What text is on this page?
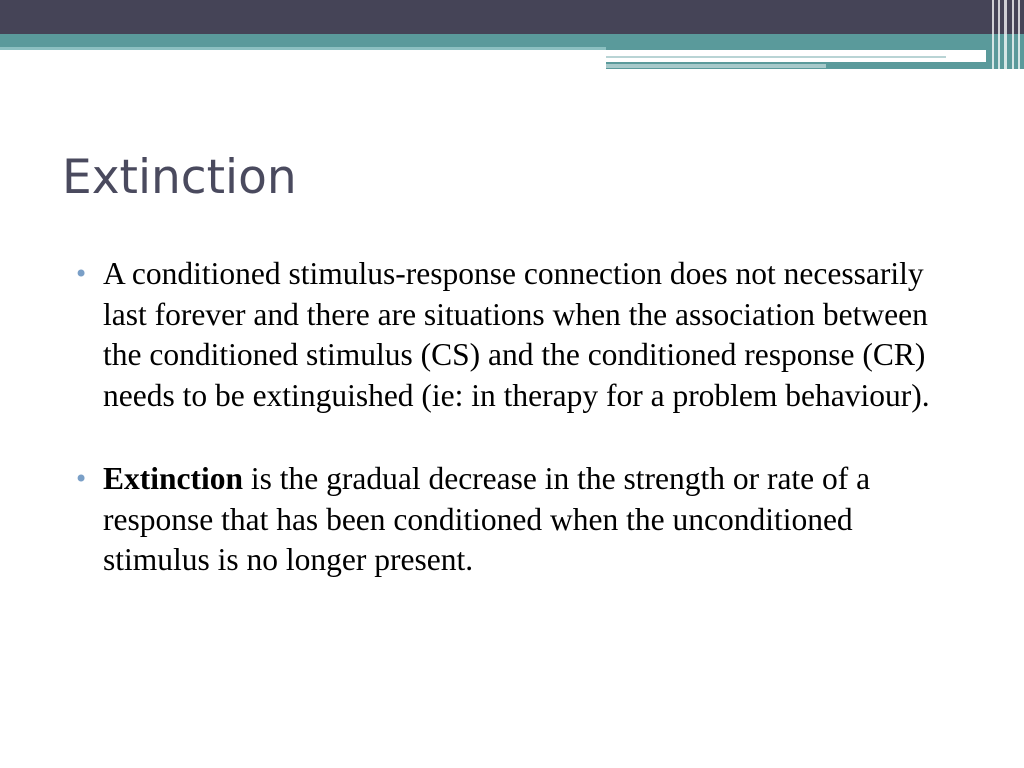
Extinction
• A conditioned stimulus-response connection does not necessarily last forever and there are situations when the association between the conditioned stimulus (CS) and the conditioned response (CR) needs to be extinguished (ie: in therapy for a problem behaviour).
• Extinction is the gradual decrease in the strength or rate of a response that has been conditioned when the unconditioned stimulus is no longer present.
